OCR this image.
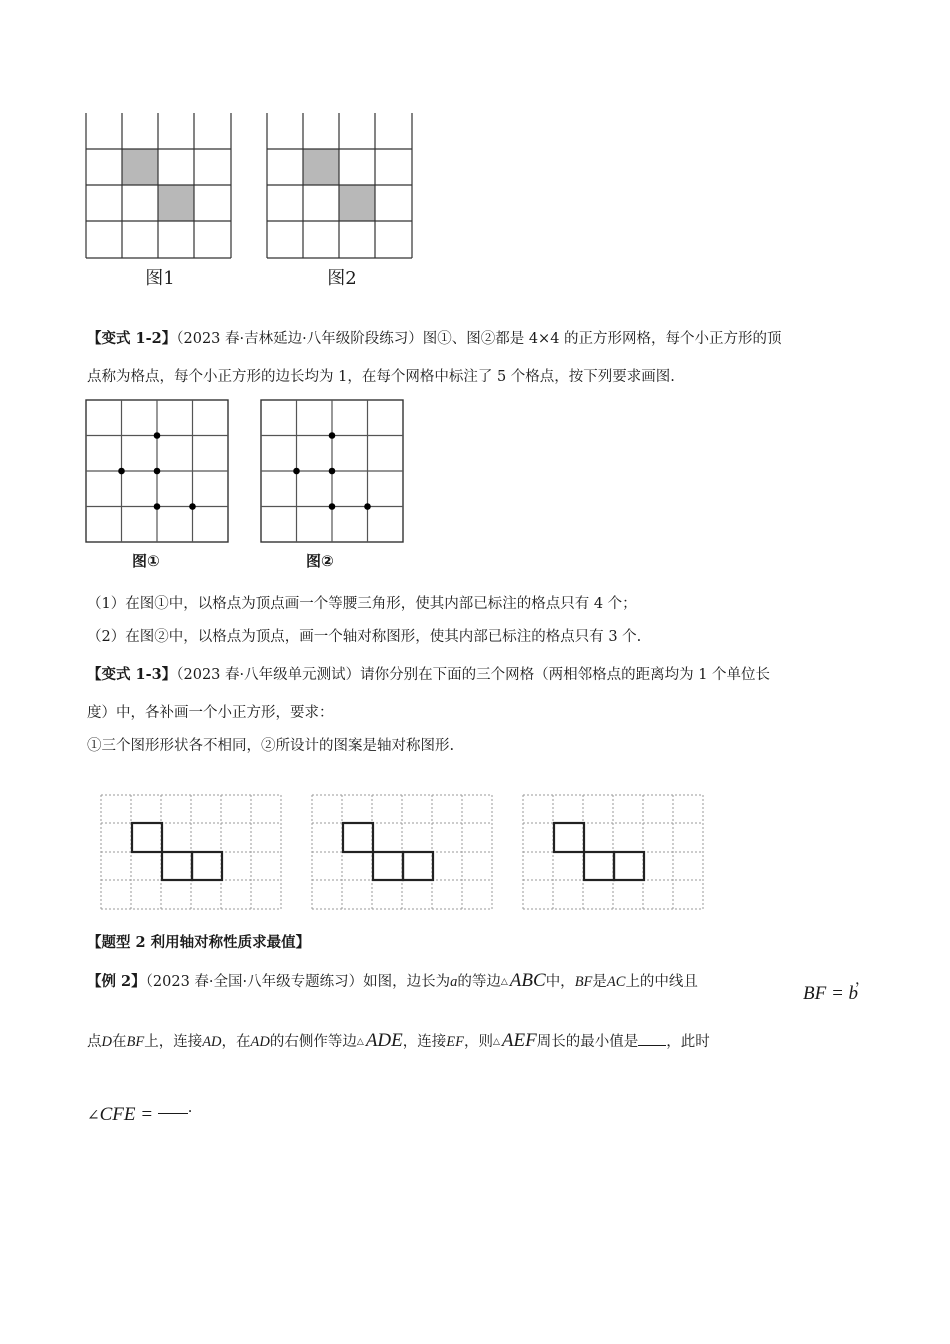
图1	图2
【变式 1-2】（2023 春·吉林延边·八年级阶段练习）图①、图②都是 4×4 的正方形网格，每个小正方形的顶
点称为格点，每个小正方形的边长均为 1，在每个网格中标注了 5 个格点，按下列要求画图.
图①	图②
（1）在图①中，以格点为顶点画一个等腰三角形，使其内部已标注的格点只有 4 个；
（2）在图②中，以格点为顶点，画一个轴对称图形，使其内部已标注的格点只有 3 个.
【变式 1-3】（2023 春·八年级单元测试）请你分别在下面的三个网格（两相邻格点的距离均为 1 个单位长
度）中，各补画一个小正方形，要求：
①三个图形形状各不相同，②所设计的图案是轴对称图形.
【题型 2 利用轴对称性质求最值】
【例 2】（2023 春·全国·八年级专题练习）如图，边长为a的等边△ ABC中，BF是AC上的中线且
BF = b
，
点D在BF上，连接AD，在AD的右侧作等边△ ADE，连接EF，则△ AEF周长的最小值是 ，此时
∠CFE = .
